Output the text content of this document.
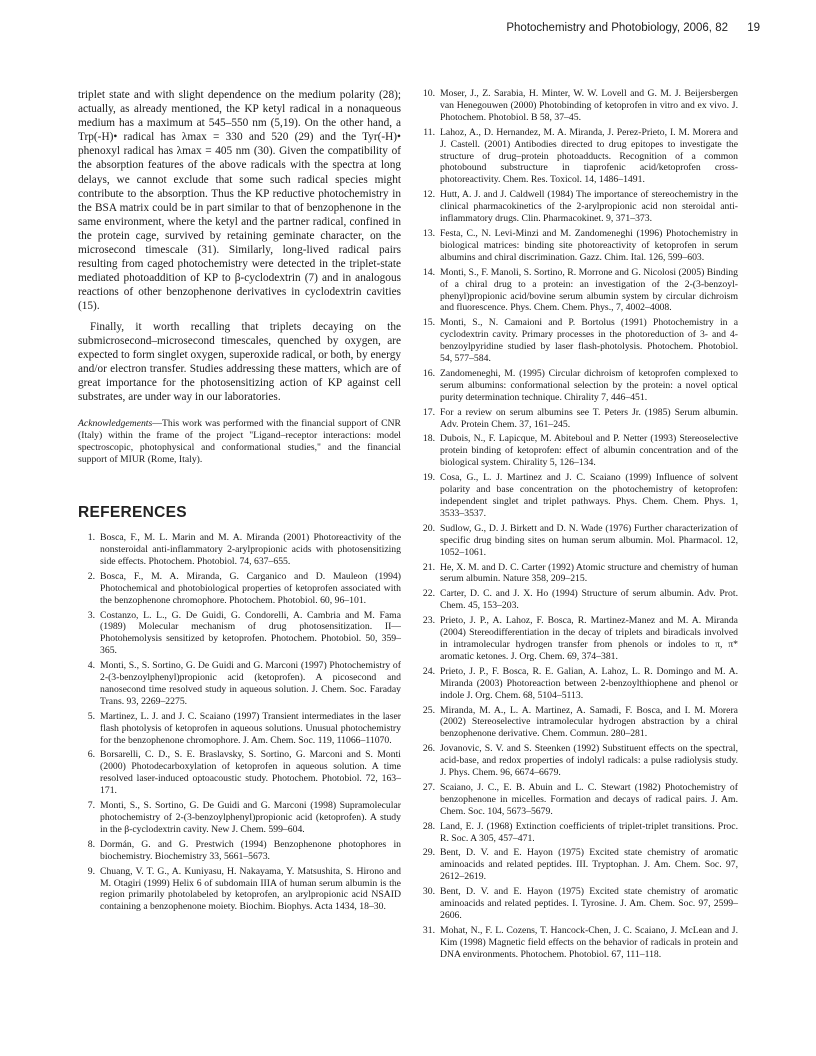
Photochemistry and Photobiology, 2006, 82 19

triplet state and with slight dependence on the medium polarity (28); actually, as already mentioned, the KP ketyl radical in a nonaqueous medium has a maximum at 545–550 nm (5,19). On the other hand, a Trp(-H)• radical has λmax = 330 and 520 (29) and the Tyr(-H)• phenoxyl radical has λmax = 405 nm (30). Given the compatibility of the absorption features of the above radicals with the spectra at long delays, we cannot exclude that some such radical species might contribute to the absorption. Thus the KP reductive photochemistry in the BSA matrix could be in part similar to that of benzophenone in the same environment, where the ketyl and the partner radical, confined in the protein cage, survived by retaining geminate character, on the microsecond timescale (31). Similarly, long-lived radical pairs resulting from caged photochemistry were detected in the triplet-state mediated photoaddition of KP to β-cyclodextrin (7) and in analogous reactions of other benzophenone derivatives in cyclodextrin cavities (15).

Finally, it worth recalling that triplets decaying on the submicrosecond–microsecond timescales, quenched by oxygen, are expected to form singlet oxygen, superoxide radical, or both, by energy and/or electron transfer. Studies addressing these matters, which are of great importance for the photosensitizing action of KP against cell substrates, are under way in our laboratories.

Acknowledgements—This work was performed with the financial support of CNR (Italy) within the frame of the project "Ligand–receptor interactions: model spectroscopic, photophysical and conformational studies," and the financial support of MIUR (Rome, Italy).

REFERENCES
1. Bosca, F., M. L. Marin and M. A. Miranda (2001) Photoreactivity of the nonsteroidal anti-inflammatory 2-arylpropionic acids with photosensitizing side effects. Photochem. Photobiol. 74, 637–655.
2. Bosca, F., M. A. Miranda, G. Carganico and D. Mauleon (1994) Photochemical and photobiological properties of ketoprofen associated with the benzophenone chromophore. Photochem. Photobiol. 60, 96–101.
3. Costanzo, L. L., G. De Guidi, G. Condorelli, A. Cambria and M. Fama (1989) Molecular mechanism of drug photosensitization. II—Photohemolysis sensitized by ketoprofen. Photochem. Photobiol. 50, 359–365.
4. Monti, S., S. Sortino, G. De Guidi and G. Marconi (1997) Photochemistry of 2-(3-benzoylphenyl)propionic acid (ketoprofen). A picosecond and nanosecond time resolved study in aqueous solution. J. Chem. Soc. Faraday Trans. 93, 2269–2275.
5. Martinez, L. J. and J. C. Scaiano (1997) Transient intermediates in the laser flash photolysis of ketoprofen in aqueous solutions. Unusual photochemistry for the benzophenone chromophore. J. Am. Chem. Soc. 119, 11066–11070.
6. Borsarelli, C. D., S. E. Braslavsky, S. Sortino, G. Marconi and S. Monti (2000) Photodecarboxylation of ketoprofen in aqueous solution. A time resolved laser-induced optoacoustic study. Photochem. Photobiol. 72, 163–171.
7. Monti, S., S. Sortino, G. De Guidi and G. Marconi (1998) Supramolecular photochemistry of 2-(3-benzoylphenyl)propionic acid (ketoprofen). A study in the β-cyclodextrin cavity. New J. Chem. 599–604.
8. Dormán, G. and G. Prestwich (1994) Benzophenone photophores in biochemistry. Biochemistry 33, 5661–5673.
9. Chuang, V. T. G., A. Kuniyasu, H. Nakayama, Y. Matsushita, S. Hirono and M. Otagiri (1999) Helix 6 of subdomain IIIA of human serum albumin is the region primarily photolabeled by ketoprofen, an arylpropionic acid NSAID containing a benzophenone moiety. Biochim. Biophys. Acta 1434, 18–30.
10. Moser, J., Z. Sarabia, H. Minter, W. W. Lovell and G. M. J. Beijersbergen van Henegouwen (2000) Photobinding of ketoprofen in vitro and ex vivo. J. Photochem. Photobiol. B 58, 37–45.
11. Lahoz, A., D. Hernandez, M. A. Miranda, J. Perez-Prieto, I. M. Morera and J. Castell. (2001) Antibodies directed to drug epitopes to investigate the structure of drug–protein photoadducts. Recognition of a common photobound substructure in tiaprofenic acid/ketoprofen cross-photoreactivity. Chem. Res. Toxicol. 14, 1486–1491.
12. Hutt, A. J. and J. Caldwell (1984) The importance of stereochemistry in the clinical pharmacokinetics of the 2-arylpropionic acid non steroidal anti-inflammatory drugs. Clin. Pharmacokinet. 9, 371–373.
13. Festa, C., N. Levi-Minzi and M. Zandomeneghi (1996) Photochemistry in biological matrices: binding site photoreactivity of ketoprofen in serum albumins and chiral discrimination. Gazz. Chim. Ital. 126, 599–603.
14. Monti, S., F. Manoli, S. Sortino, R. Morrone and G. Nicolosi (2005) Binding of a chiral drug to a protein: an investigation of the 2-(3-benzoyl-phenyl)propionic acid/bovine serum albumin system by circular dichroism and fluorescence. Phys. Chem. Chem. Phys., 7, 4002–4008.
15. Monti, S., N. Camaioni and P. Bortolus (1991) Photochemistry in a cyclodextrin cavity. Primary processes in the photoreduction of 3- and 4-benzoylpyridine studied by laser flash-photolysis. Photochem. Photobiol. 54, 577–584.
16. Zandomeneghi, M. (1995) Circular dichroism of ketoprofen complexed to serum albumins: conformational selection by the protein: a novel optical purity determination technique. Chirality 7, 446–451.
17. For a review on serum albumins see T. Peters Jr. (1985) Serum albumin. Adv. Protein Chem. 37, 161–245.
18. Dubois, N., F. Lapicque, M. Abiteboul and P. Netter (1993) Stereoselective protein binding of ketoprofen: effect of albumin concentration and of the biological system. Chirality 5, 126–134.
19. Cosa, G., L. J. Martinez and J. C. Scaiano (1999) Influence of solvent polarity and base concentration on the photochemistry of ketoprofen: independent singlet and triplet pathways. Phys. Chem. Chem. Phys. 1, 3533–3537.
20. Sudlow, G., D. J. Birkett and D. N. Wade (1976) Further characterization of specific drug binding sites on human serum albumin. Mol. Pharmacol. 12, 1052–1061.
21. He, X. M. and D. C. Carter (1992) Atomic structure and chemistry of human serum albumin. Nature 358, 209–215.
22. Carter, D. C. and J. X. Ho (1994) Structure of serum albumin. Adv. Prot. Chem. 45, 153–203.
23. Prieto, J. P., A. Lahoz, F. Bosca, R. Martinez-Manez and M. A. Miranda (2004) Stereodifferentiation in the decay of triplets and biradicals involved in intramolecular hydrogen transfer from phenols or indoles to π, π* aromatic ketones. J. Org. Chem. 69, 374–381.
24. Prieto, J. P., F. Bosca, R. E. Galian, A. Lahoz, L. R. Domingo and M. A. Miranda (2003) Photoreaction between 2-benzoylthiophene and phenol or indole J. Org. Chem. 68, 5104–5113.
25. Miranda, M. A., L. A. Martinez, A. Samadi, F. Bosca, and I. M. Morera (2002) Stereoselective intramolecular hydrogen abstraction by a chiral benzophenone derivative. Chem. Commun. 280–281.
26. Jovanovic, S. V. and S. Steenken (1992) Substituent effects on the spectral, acid-base, and redox properties of indolyl radicals: a pulse radiolysis study. J. Phys. Chem. 96, 6674–6679.
27. Scaiano, J. C., E. B. Abuin and L. C. Stewart (1982) Photochemistry of benzophenone in micelles. Formation and decays of radical pairs. J. Am. Chem. Soc. 104, 5673–5679.
28. Land, E. J. (1968) Extinction coefficients of triplet-triplet transitions. Proc. R. Soc. A 305, 457–471.
29. Bent, D. V. and E. Hayon (1975) Excited state chemistry of aromatic aminoacids and related peptides. III. Tryptophan. J. Am. Chem. Soc. 97, 2612–2619.
30. Bent, D. V. and E. Hayon (1975) Excited state chemistry of aromatic aminoacids and related peptides. I. Tyrosine. J. Am. Chem. Soc. 97, 2599–2606.
31. Mohat, N., F. L. Cozens, T. Hancock-Chen, J. C. Scaiano, J. McLean and J. Kim (1998) Magnetic field effects on the behavior of radicals in protein and DNA environments. Photochem. Photobiol. 67, 111–118.
